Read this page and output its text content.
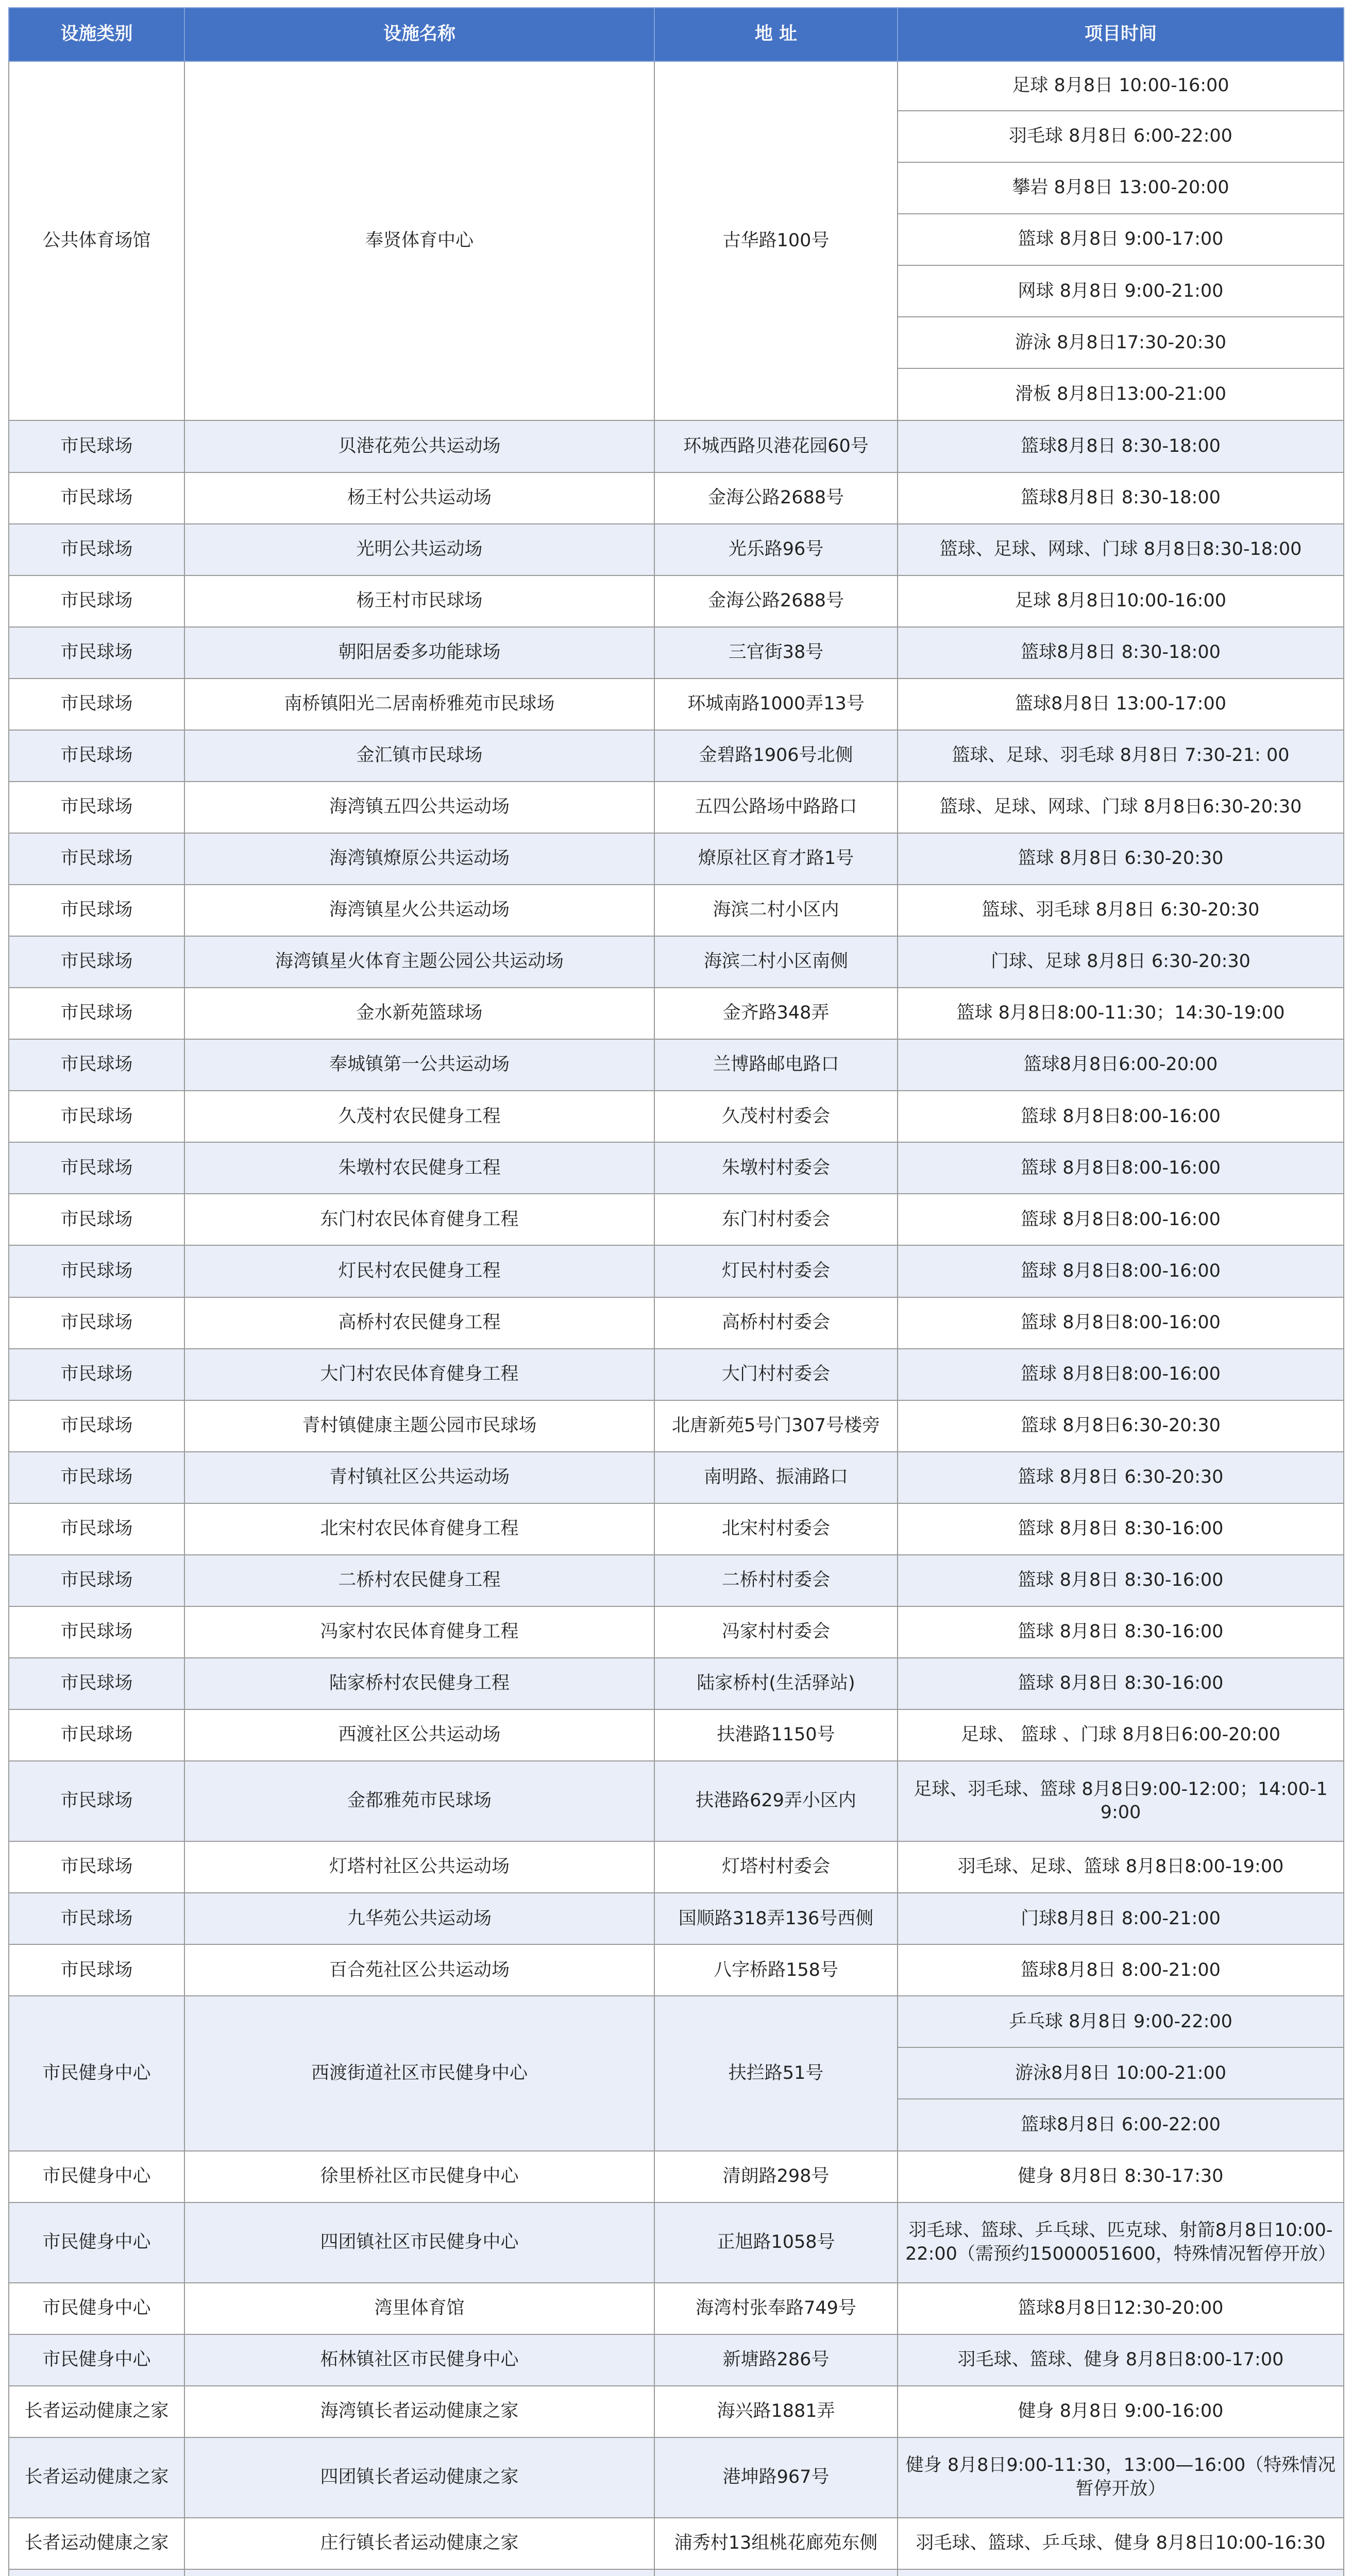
设施类别	设施名称	地 址	项目时间
公共体育场馆	奉贤体育中心	古华路100号	足球 8月8日 10:00-16:00
			羽毛球 8月8日 6:00-22:00
			攀岩 8月8日 13:00-20:00
			篮球 8月8日 9:00-17:00
			网球 8月8日 9:00-21:00
			游泳 8月8日17:30-20:30
			滑板 8月8日13:00-21:00
市民球场	贝港花苑公共运动场	环城西路贝港花园60号	篮球8月8日 8:30-18:00
市民球场	杨王村公共运动场	金海公路2688号	篮球8月8日 8:30-18:00
市民球场	光明公共运动场	光乐路96号	篮球、足球、网球、门球 8月8日8:30-18:00
市民球场	杨王村市民球场	金海公路2688号	足球 8月8日10:00-16:00
市民球场	朝阳居委多功能球场	三官街38号	篮球8月8日 8:30-18:00
市民球场	南桥镇阳光二居南桥雅苑市民球场	环城南路1000弄13号	篮球8月8日 13:00-17:00
市民球场	金汇镇市民球场	金碧路1906号北侧	篮球、足球、羽毛球 8月8日 7:30-21: 00
市民球场	海湾镇五四公共运动场	五四公路场中路路口	篮球、足球、网球、门球 8月8日6:30-20:30
市民球场	海湾镇燎原公共运动场	燎原社区育才路1号	篮球 8月8日 6:30-20:30
市民球场	海湾镇星火公共运动场	海滨二村小区内	篮球、羽毛球 8月8日 6:30-20:30
市民球场	海湾镇星火体育主题公园公共运动场	海滨二村小区南侧	门球、足球 8月8日 6:30-20:30
市民球场	金水新苑篮球场	金齐路348弄	篮球 8月8日8:00-11:30；14:30-19:00
市民球场	奉城镇第一公共运动场	兰博路邮电路口	篮球8月8日6:00-20:00
市民球场	久茂村农民健身工程	久茂村村委会	篮球 8月8日8:00-16:00
市民球场	朱墩村农民健身工程	朱墩村村委会	篮球 8月8日8:00-16:00
市民球场	东门村农民体育健身工程	东门村村委会	篮球 8月8日8:00-16:00
市民球场	灯民村农民健身工程	灯民村村委会	篮球 8月8日8:00-16:00
市民球场	高桥村农民健身工程	高桥村村委会	篮球 8月8日8:00-16:00
市民球场	大门村农民体育健身工程	大门村村委会	篮球 8月8日8:00-16:00
市民球场	青村镇健康主题公园市民球场	北唐新苑5号门307号楼旁	篮球 8月8日6:30-20:30
市民球场	青村镇社区公共运动场	南明路、振浦路口	篮球 8月8日 6:30-20:30
市民球场	北宋村农民体育健身工程	北宋村村委会	篮球 8月8日 8:30-16:00
市民球场	二桥村农民健身工程	二桥村村委会	篮球 8月8日 8:30-16:00
市民球场	冯家村农民体育健身工程	冯家村村委会	篮球 8月8日 8:30-16:00
市民球场	陆家桥村农民健身工程	陆家桥村(生活驿站)	篮球 8月8日 8:30-16:00
市民球场	西渡社区公共运动场	扶港路1150号	足球、 篮球 、门球 8月8日6:00-20:00
市民球场	金都雅苑市民球场	扶港路629弄小区内	足球、羽毛球、篮球 8月8日9:00-12:00；14:00-19:00
市民球场	灯塔村社区公共运动场	灯塔村村委会	羽毛球、足球、篮球 8月8日8:00-19:00
市民球场	九华苑公共运动场	国顺路318弄136号西侧	门球8月8日 8:00-21:00
市民球场	百合苑社区公共运动场	八字桥路158号	篮球8月8日 8:00-21:00
市民健身中心	西渡街道社区市民健身中心	扶拦路51号	乒乓球 8月8日 9:00-22:00
			游泳8月8日 10:00-21:00
			篮球8月8日 6:00-22:00
市民健身中心	徐里桥社区市民健身中心	清朗路298号	健身 8月8日 8:30-17:30
市民健身中心	四团镇社区市民健身中心	正旭路1058号	羽毛球、篮球、乒乓球、匹克球、射箭8月8日10:00-22:00（需预约15000051600，特殊情况暂停开放）
市民健身中心	湾里体育馆	海湾村张奉路749号	篮球8月8日12:30-20:00
市民健身中心	柘林镇社区市民健身中心	新塘路286号	羽毛球、篮球、健身 8月8日8:00-17:00
长者运动健康之家	海湾镇长者运动健康之家	海兴路1881弄	健身 8月8日 9:00-16:00
长者运动健康之家	四团镇长者运动健康之家	港坤路967号	健身 8月8日9:00-11:30，13:00—16:00（特殊情况暂停开放）
长者运动健康之家	庄行镇长者运动健康之家	浦秀村13组桃花廊苑东侧	羽毛球、篮球、乒乓球、健身 8月8日10:00-16:30
